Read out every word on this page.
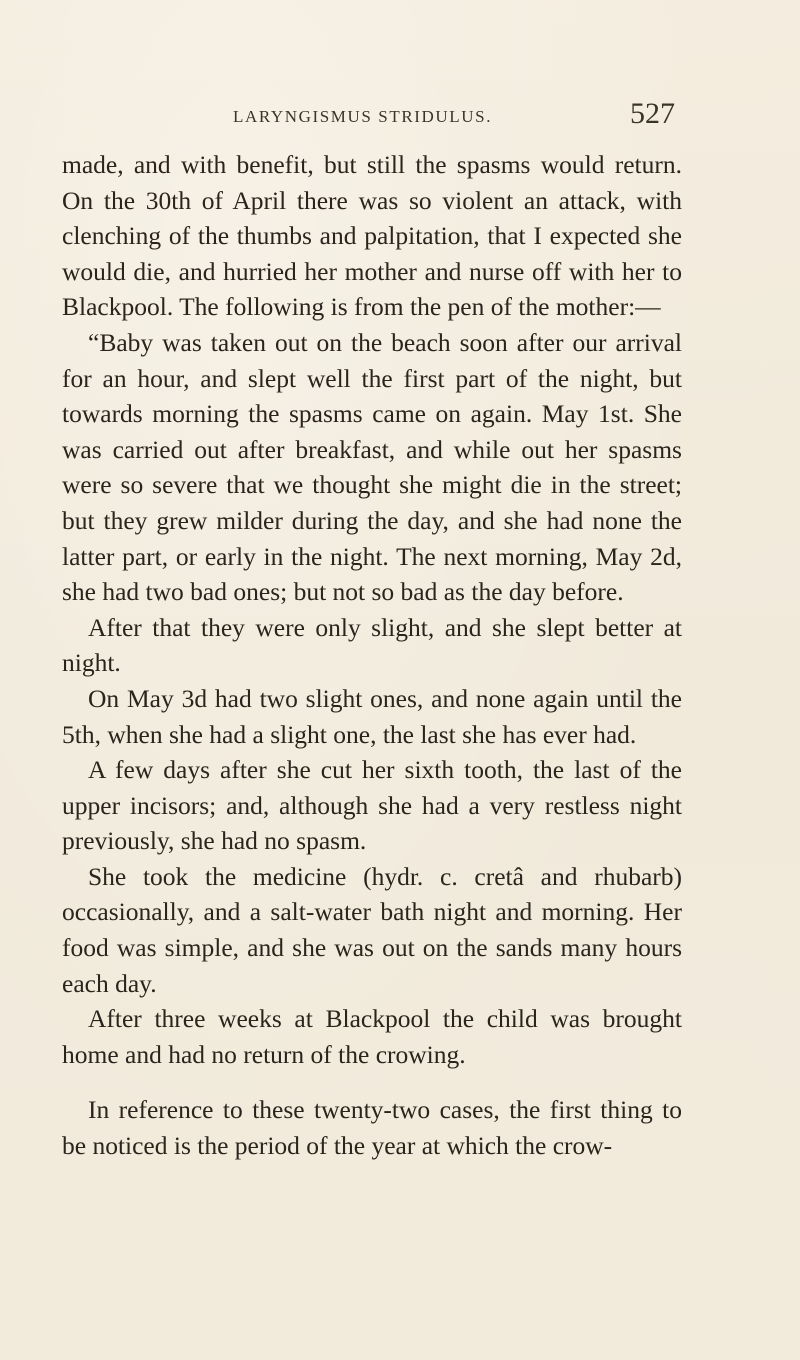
LARYNGISMUS STRIDULUS.	527

made, and with benefit, but still the spasms would return. On the 30th of April there was so violent an attack, with clenching of the thumbs and palpitation, that I expected she would die, and hurried her mother and nurse off with her to Blackpool. The following is from the pen of the mother:—

“Baby was taken out on the beach soon after our arrival for an hour, and slept well the first part of the night, but towards morning the spasms came on again. May 1st. She was carried out after breakfast, and while out her spasms were so severe that we thought she might die in the street; but they grew milder during the day, and she had none the latter part, or early in the night. The next morning, May 2d, she had two bad ones; but not so bad as the day before.

After that they were only slight, and she slept better at night.

On May 3d had two slight ones, and none again until the 5th, when she had a slight one, the last she has ever had.

A few days after she cut her sixth tooth, the last of the upper incisors; and, although she had a very restless night previously, she had no spasm.

She took the medicine (hydr. c. cretâ and rhubarb) occasionally, and a salt-water bath night and morning. Her food was simple, and she was out on the sands many hours each day.

After three weeks at Blackpool the child was brought home and had no return of the crowing.

In reference to these twenty-two cases, the first thing to be noticed is the period of the year at which the crow-
